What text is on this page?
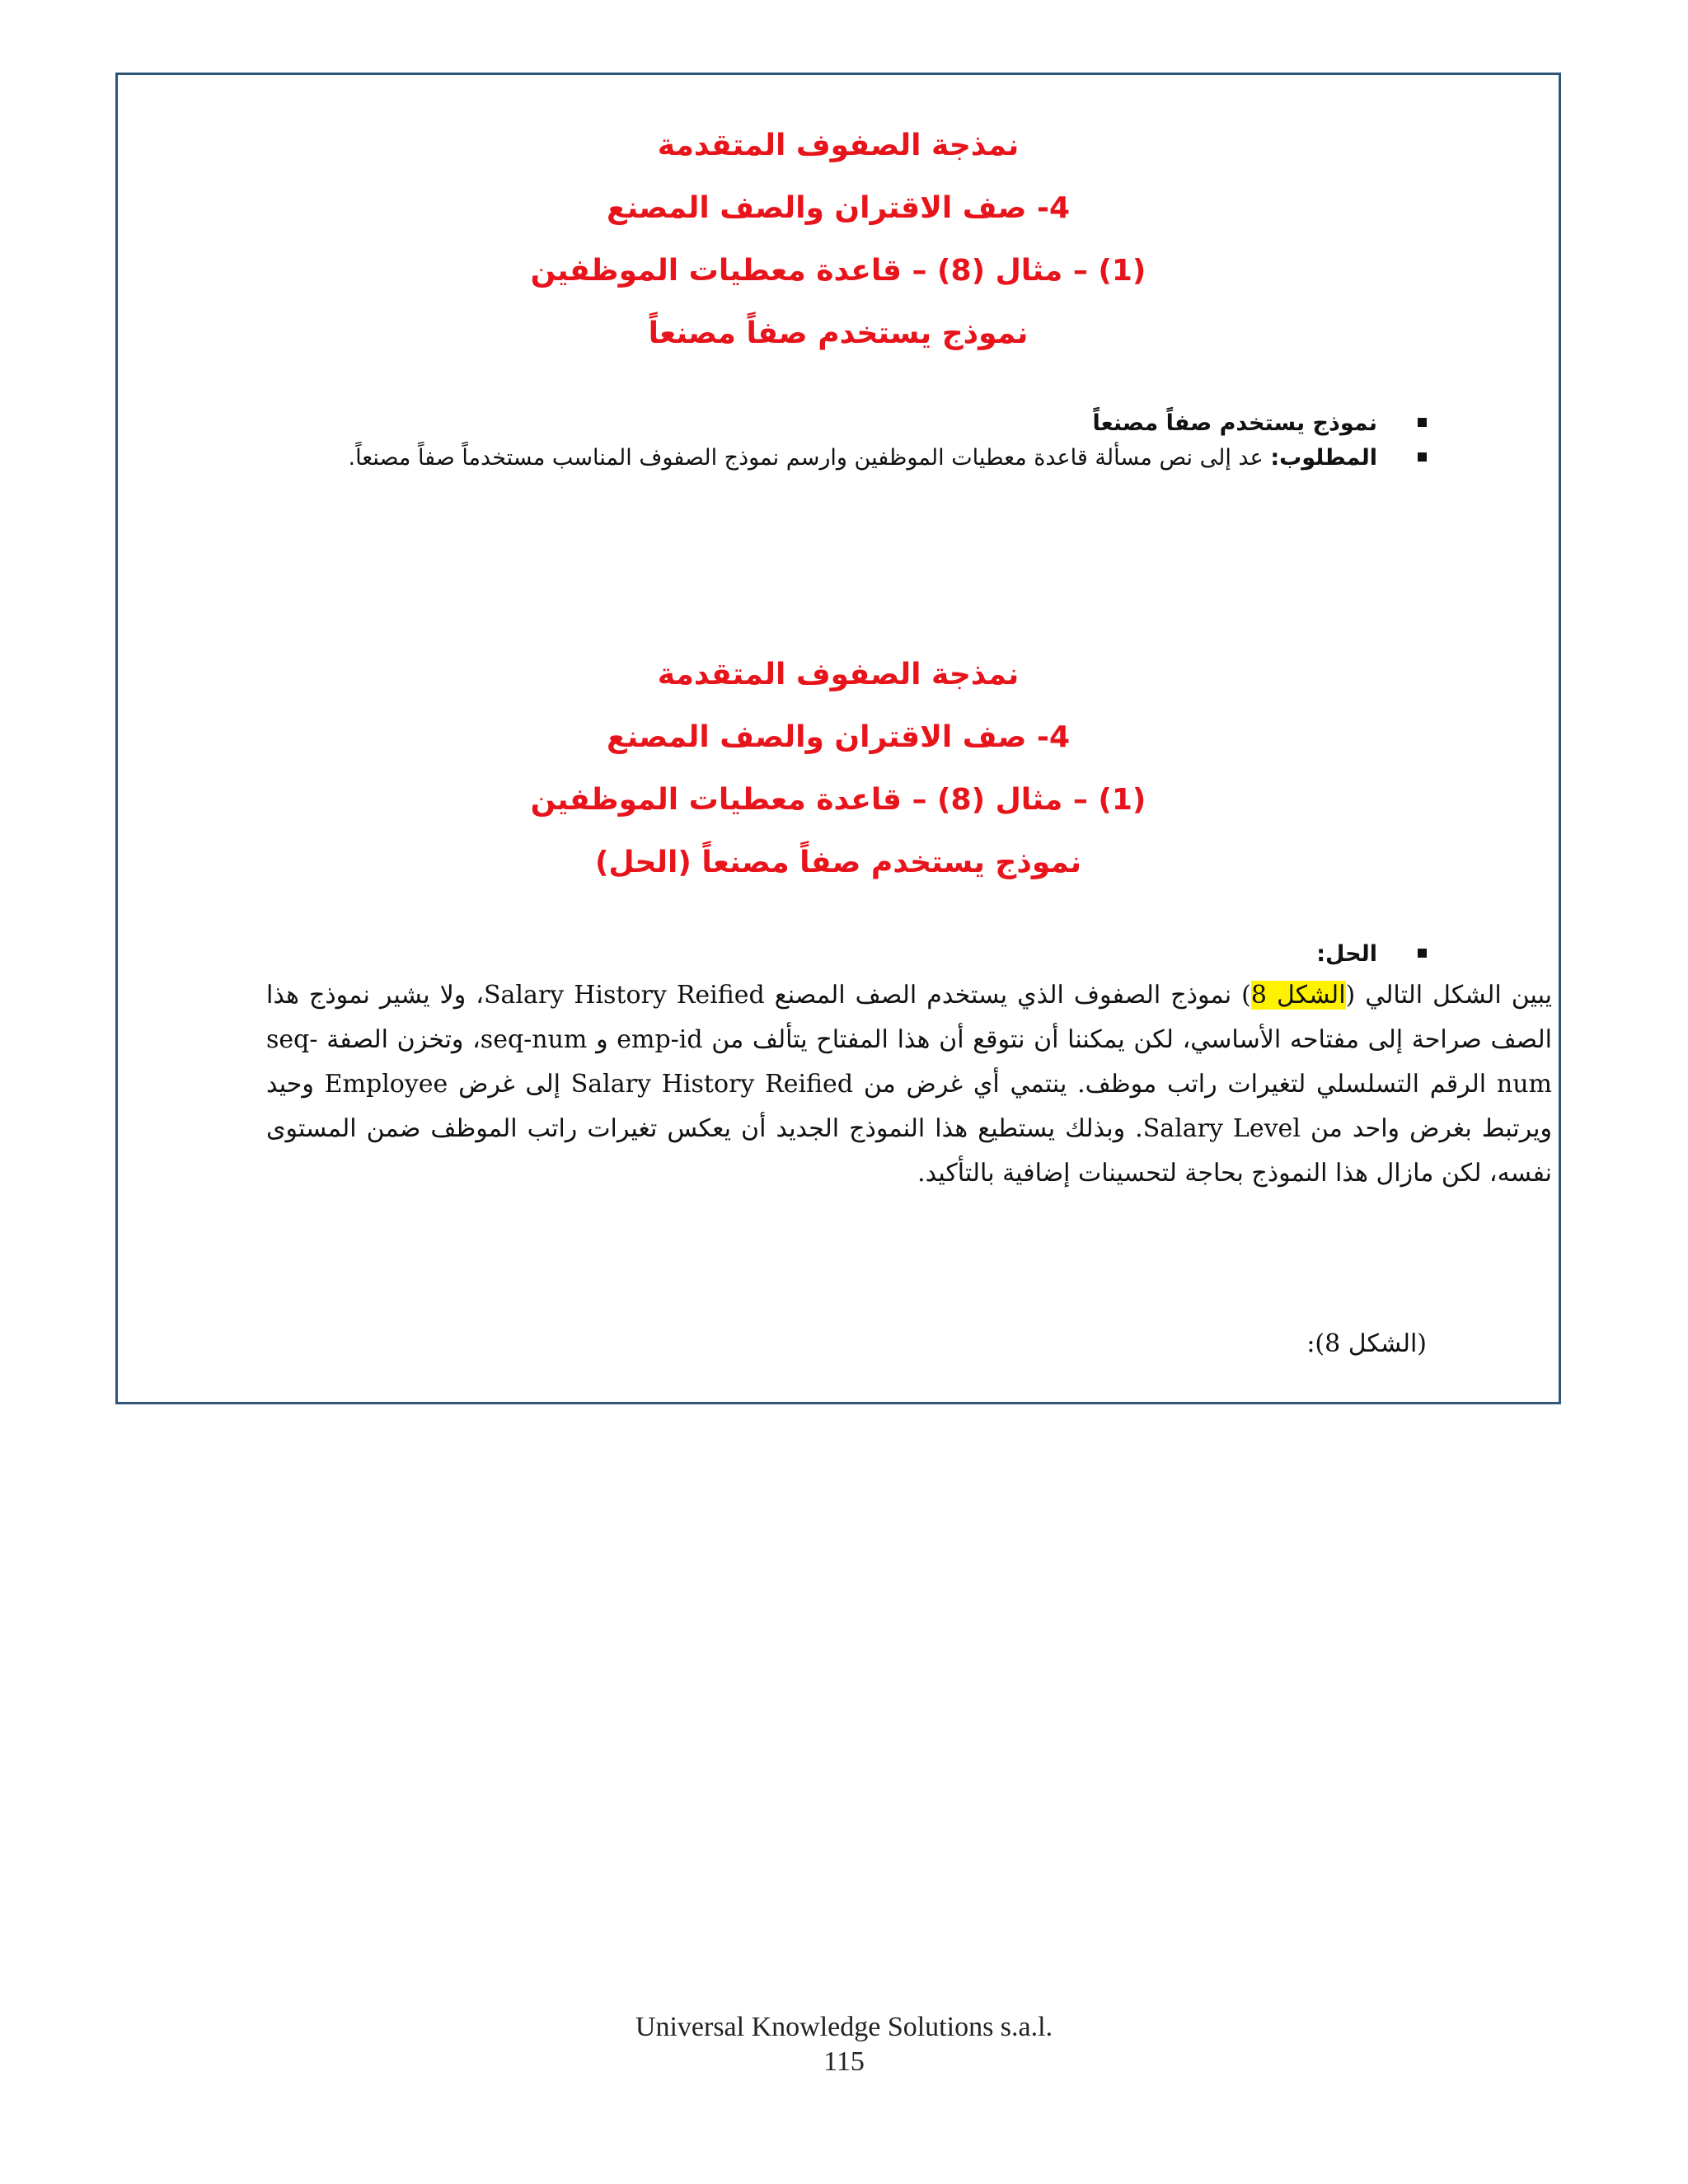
نمذجة الصفوف المتقدمة
4- صف الاقتران والصف المصنع
(1) – مثال (8) – قاعدة معطيات الموظفين
نموذج يستخدم صفاً مصنعاً
نموذج يستخدم صفاً مصنعاً
المطلوب: عد إلى نص مسألة قاعدة معطيات الموظفين وارسم نموذج الصفوف المناسب مستخدماً صفاً مصنعاً.
نمذجة الصفوف المتقدمة
4- صف الاقتران والصف المصنع
(1) – مثال (8) – قاعدة معطيات الموظفين
نموذج يستخدم صفاً مصنعاً (الحل)
الحل:
يبين الشكل التالي (الشكل 8) نموذج الصفوف الذي يستخدم الصف المصنع Salary History Reified، ولا يشير نموذج هذا الصف صراحة إلى مفتاحه الأساسي، لكن يمكننا أن نتوقع أن هذا المفتاح يتألف من emp-id و seq-num، وتخزن الصفة seq-num الرقم التسلسلي لتغيرات راتب موظف. ينتمي أي غرض من Salary History Reified إلى غرض Employee وحيد ويرتبط بغرض واحد من Salary Level. وبذلك يستطيع هذا النموذج الجديد أن يعكس تغيرات راتب الموظف ضمن المستوى نفسه، لكن مازال هذا النموذج بحاجة لتحسينات إضافية بالتأكيد.
(الشكل 8):
Universal Knowledge Solutions s.a.l.
115
